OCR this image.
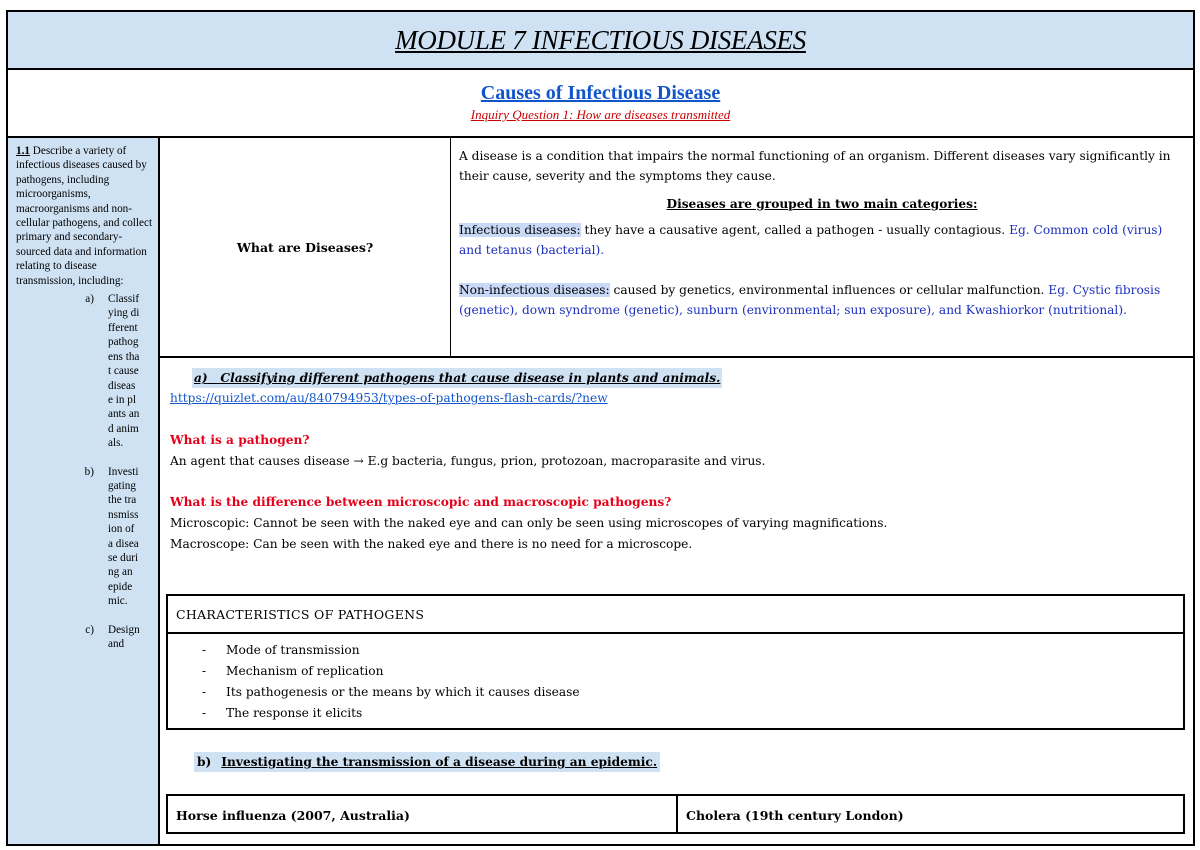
MODULE 7 INFECTIOUS DISEASES
Causes of Infectious Disease
Inquiry Question 1: How are diseases transmitted
1.1 Describe a variety of infectious diseases caused by pathogens, including microorganisms, macroorganisms and non-cellular pathogens, and collect primary and secondary-sourced data and information relating to disease transmission, including:
a)	Classifying different pathogens that cause disease in plants and animals.
b)	Investigating the transmission of a disease during an epidemic.
c)	Design and
What are Diseases?

A disease is a condition that impairs the normal functioning of an organism. Different diseases vary significantly in their cause, severity and the symptoms they cause.

Diseases are grouped in two main categories:

Infectious diseases: they have a causative agent, called a pathogen - usually contagious. Eg. Common cold (virus) and tetanus (bacterial).

Non-infectious diseases: caused by genetics, environmental influences or cellular malfunction. Eg. Cystic fibrosis (genetic), down syndrome (genetic), sunburn (environmental; sun exposure), and Kwashiorkor (nutritional).

a) Classifying different pathogens that cause disease in plants and animals.
https://quizlet.com/au/840794953/types-of-pathogens-flash-cards/?new
What is a pathogen?
An agent that causes disease → E.g bacteria, fungus, prion, protozoan, macroparasite and virus.
What is the difference between microscopic and macroscopic pathogens?
Microscopic: Cannot be seen with the naked eye and can only be seen using microscopes of varying magnifications.
Macroscope: Can be seen with the naked eye and there is no need for a microscope.
CHARACTERISTICS OF PATHOGENS
- Mode of transmission
- Mechanism of replication
- Its pathogenesis or the means by which it causes disease
- The response it elicits
b) Investigating the transmission of a disease during an epidemic.
Horse influenza (2007, Australia)	Cholera (19th century London)
